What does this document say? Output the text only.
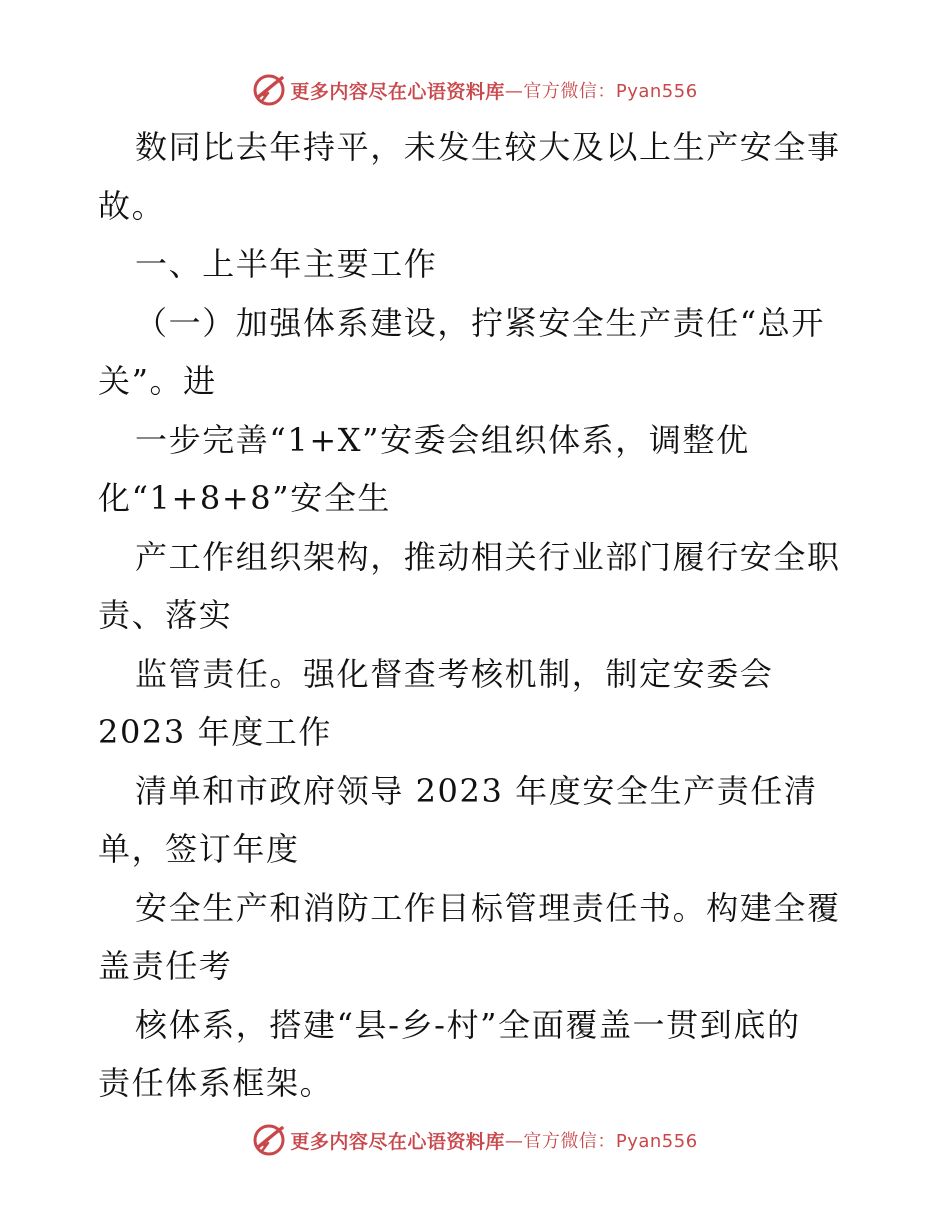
更多内容尽在心语资料库 —官方微信：Pyan556
数同比去年持平，未发生较大及以上生产安全事
故。
一、上半年主要工作
（一）加强体系建设，拧紧安全生产责任“总开
关”。进
一步完善“1+X”安委会组织体系，调整优
化“1+8+8”安全生
产工作组织架构，推动相关行业部门履行安全职
责、落实
监管责任。强化督查考核机制，制定安委会
2023 年度工作
清单和市政府领导 2023 年度安全生产责任清
单，签订年度
安全生产和消防工作目标管理责任书。构建全覆
盖责任考
核体系，搭建“县-乡-村”全面覆盖一贯到底的
责任体系框架。
更多内容尽在心语资料库 —官方微信：Pyan556
